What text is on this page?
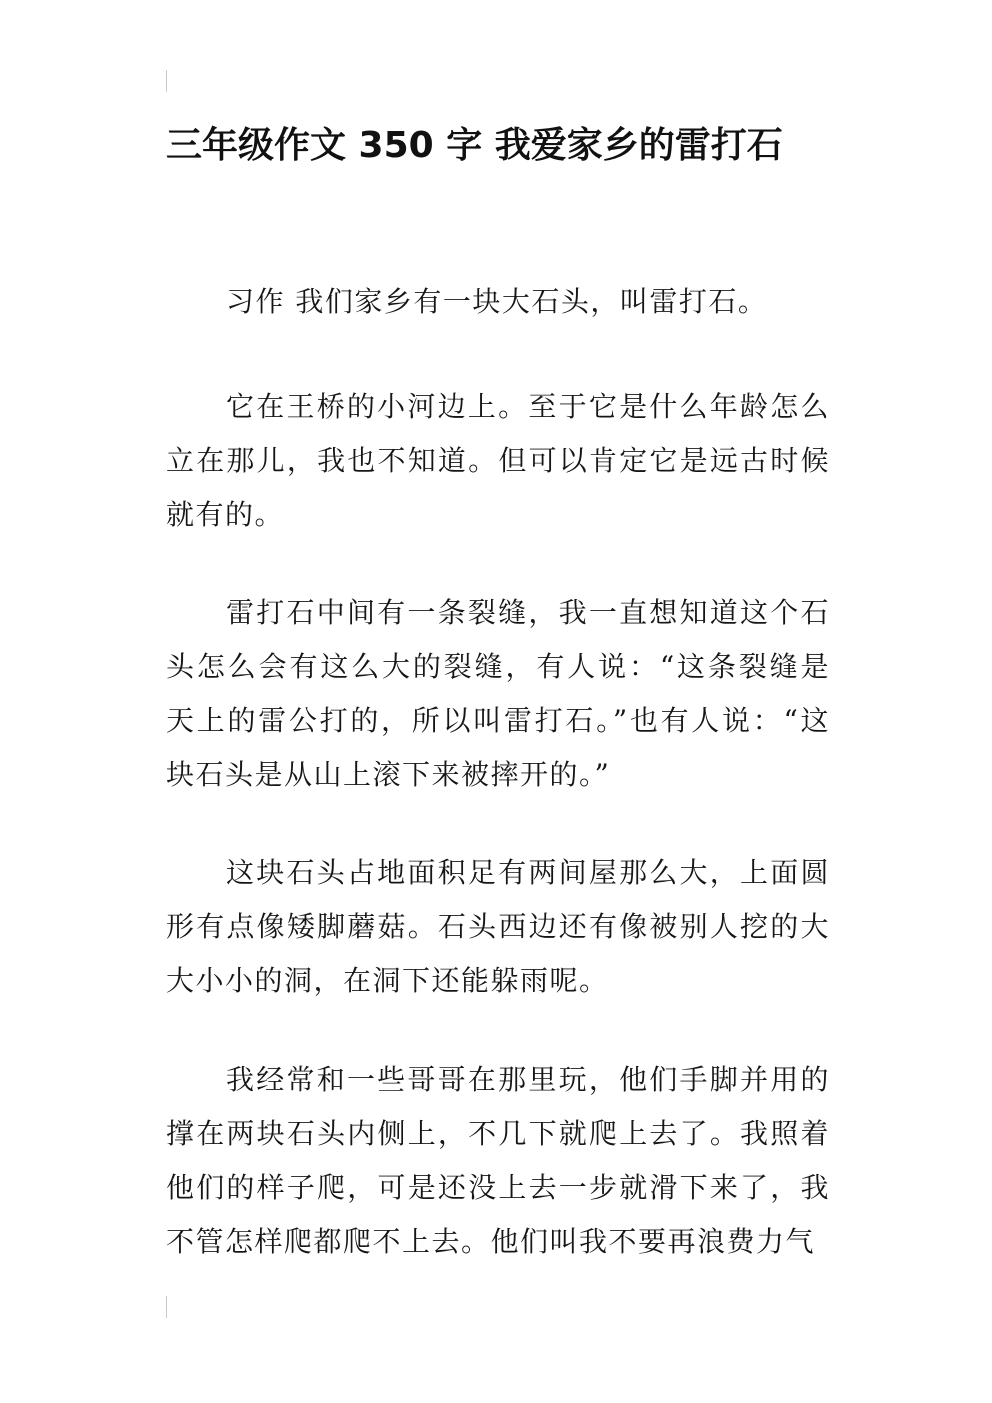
三年级作文 350 字 我爱家乡的雷打石

习作 我们家乡有一块大石头，叫雷打石。

它在王桥的小河边上。至于它是什么年龄怎么立在那儿，我也不知道。但可以肯定它是远古时候就有的。

雷打石中间有一条裂缝，我一直想知道这个石头怎么会有这么大的裂缝，有人说：“这条裂缝是天上的雷公打的，所以叫雷打石。”也有人说：“这块石头是从山上滚下来被摔开的。”

这块石头占地面积足有两间屋那么大，上面圆形有点像矮脚蘑菇。石头西边还有像被别人挖的大大小小的洞，在洞下还能躲雨呢。

我经常和一些哥哥在那里玩，他们手脚并用的撑在两块石头内侧上，不几下就爬上去了。我照着他们的样子爬，可是还没上去一步就滑下来了，我不管怎样爬都爬不上去。他们叫我不要再浪费力气
